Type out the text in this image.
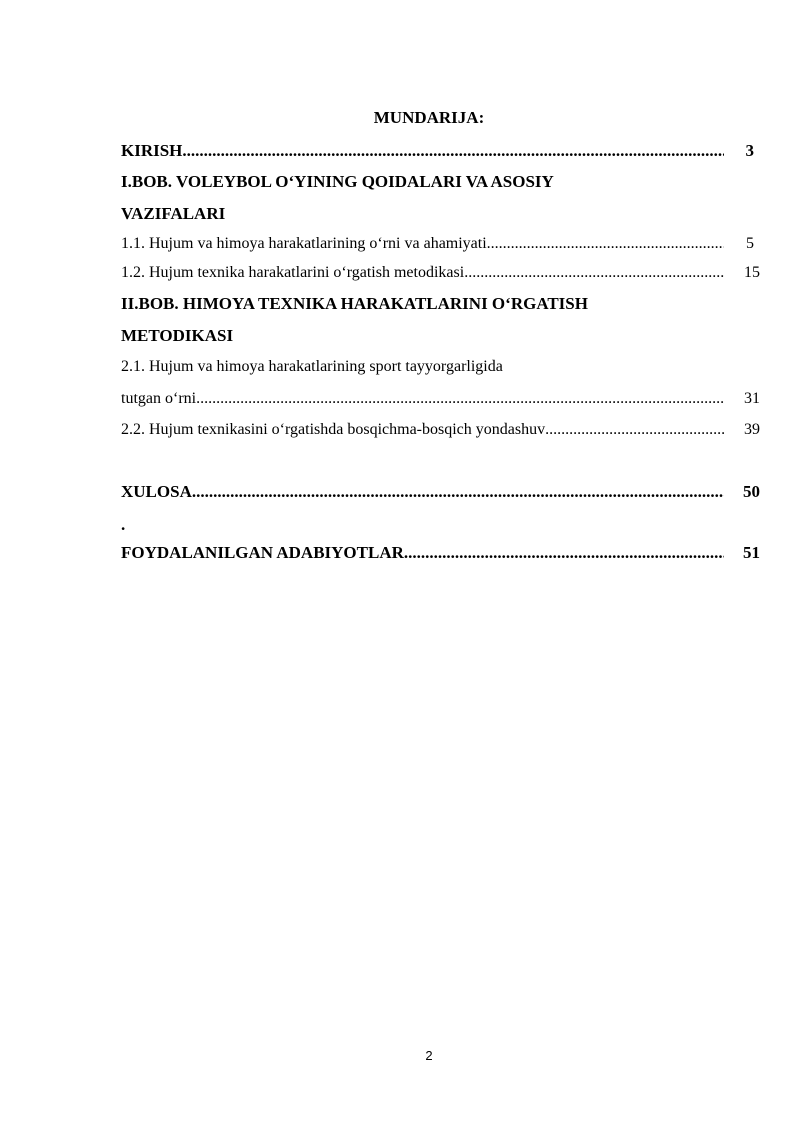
MUNDARIJA:
KIRISH .....	3
I.BOB. VOLEYBOL O‘YINING QOIDALARI VA ASOSIY
VAZIFALARI
1.1. Hujum va himoya harakatlarining o‘rni va ahamiyati .....	5
1.2. Hujum texnika harakatlarini o‘rgatish metodikasi .....	15
II.BOB. HIMOYA TEXNIKA HARAKATLARINI O‘RGATISH
METODIKASI
2.1. Hujum va himoya harakatlarining sport tayyorgarligida
tutgan o‘rni .....	31
2.2. Hujum texnikasini o‘rgatishda bosqichma-bosqich yondashuv .....	39
XULOSA .....	50
.
FOYDALANILGAN ADABIYOTLAR .....	51
2
